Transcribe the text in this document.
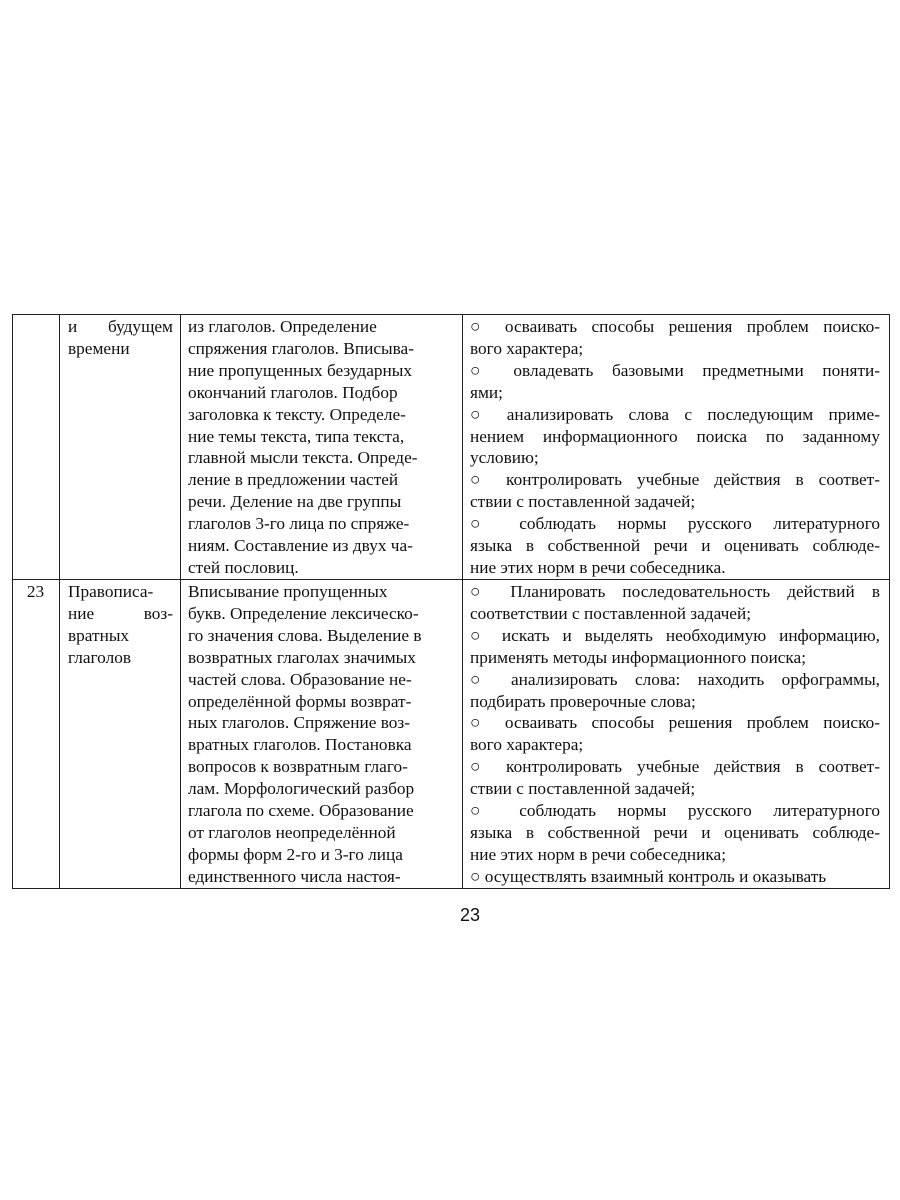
и будущем
времени
из глаголов. Определение
спряжения глаголов. Вписыва-
ние пропущенных безударных
окончаний глаголов. Подбор
заголовка к тексту. Определе-
ние темы текста, типа текста,
главной мысли текста. Опреде-
ление в предложении частей
речи. Деление на две группы
глаголов 3-го лица по спряже-
ниям. Составление из двух ча-
стей пословиц.
○ осваивать способы решения проблем поиско-
вого характера;
○ овладевать базовыми предметными поняти-
ями;
○ анализировать слова с последующим приме-
нением информационного поиска по заданному
условию;
○ контролировать учебные действия в соответ-
ствии с поставленной задачей;
○ соблюдать нормы русского литературного
языка в собственной речи и оценивать соблюде-
ние этих норм в речи собеседника.
23	Правописа-
ние воз-
вратных
глаголов
Вписывание пропущенных
букв. Определение лексическо-
го значения слова. Выделение в
возвратных глаголах значимых
частей слова. Образование не-
определённой формы возврат-
ных глаголов. Спряжение воз-
вратных глаголов. Постановка
вопросов к возвратным глаго-
лам. Морфологический разбор
глагола по схеме. Образование
от глаголов неопределённой
формы форм 2-го и 3-го лица
единственного числа настоя-
○ Планировать последовательность действий в
соответствии с поставленной задачей;
○ искать и выделять необходимую информацию,
применять методы информационного поиска;
○ анализировать слова: находить орфограммы,
подбирать проверочные слова;
○ осваивать способы решения проблем поиско-
вого характера;
○ контролировать учебные действия в соответ-
ствии с поставленной задачей;
○ соблюдать нормы русского литературного
языка в собственной речи и оценивать соблюде-
ние этих норм в речи собеседника;
○ осуществлять взаимный контроль и оказывать
23
